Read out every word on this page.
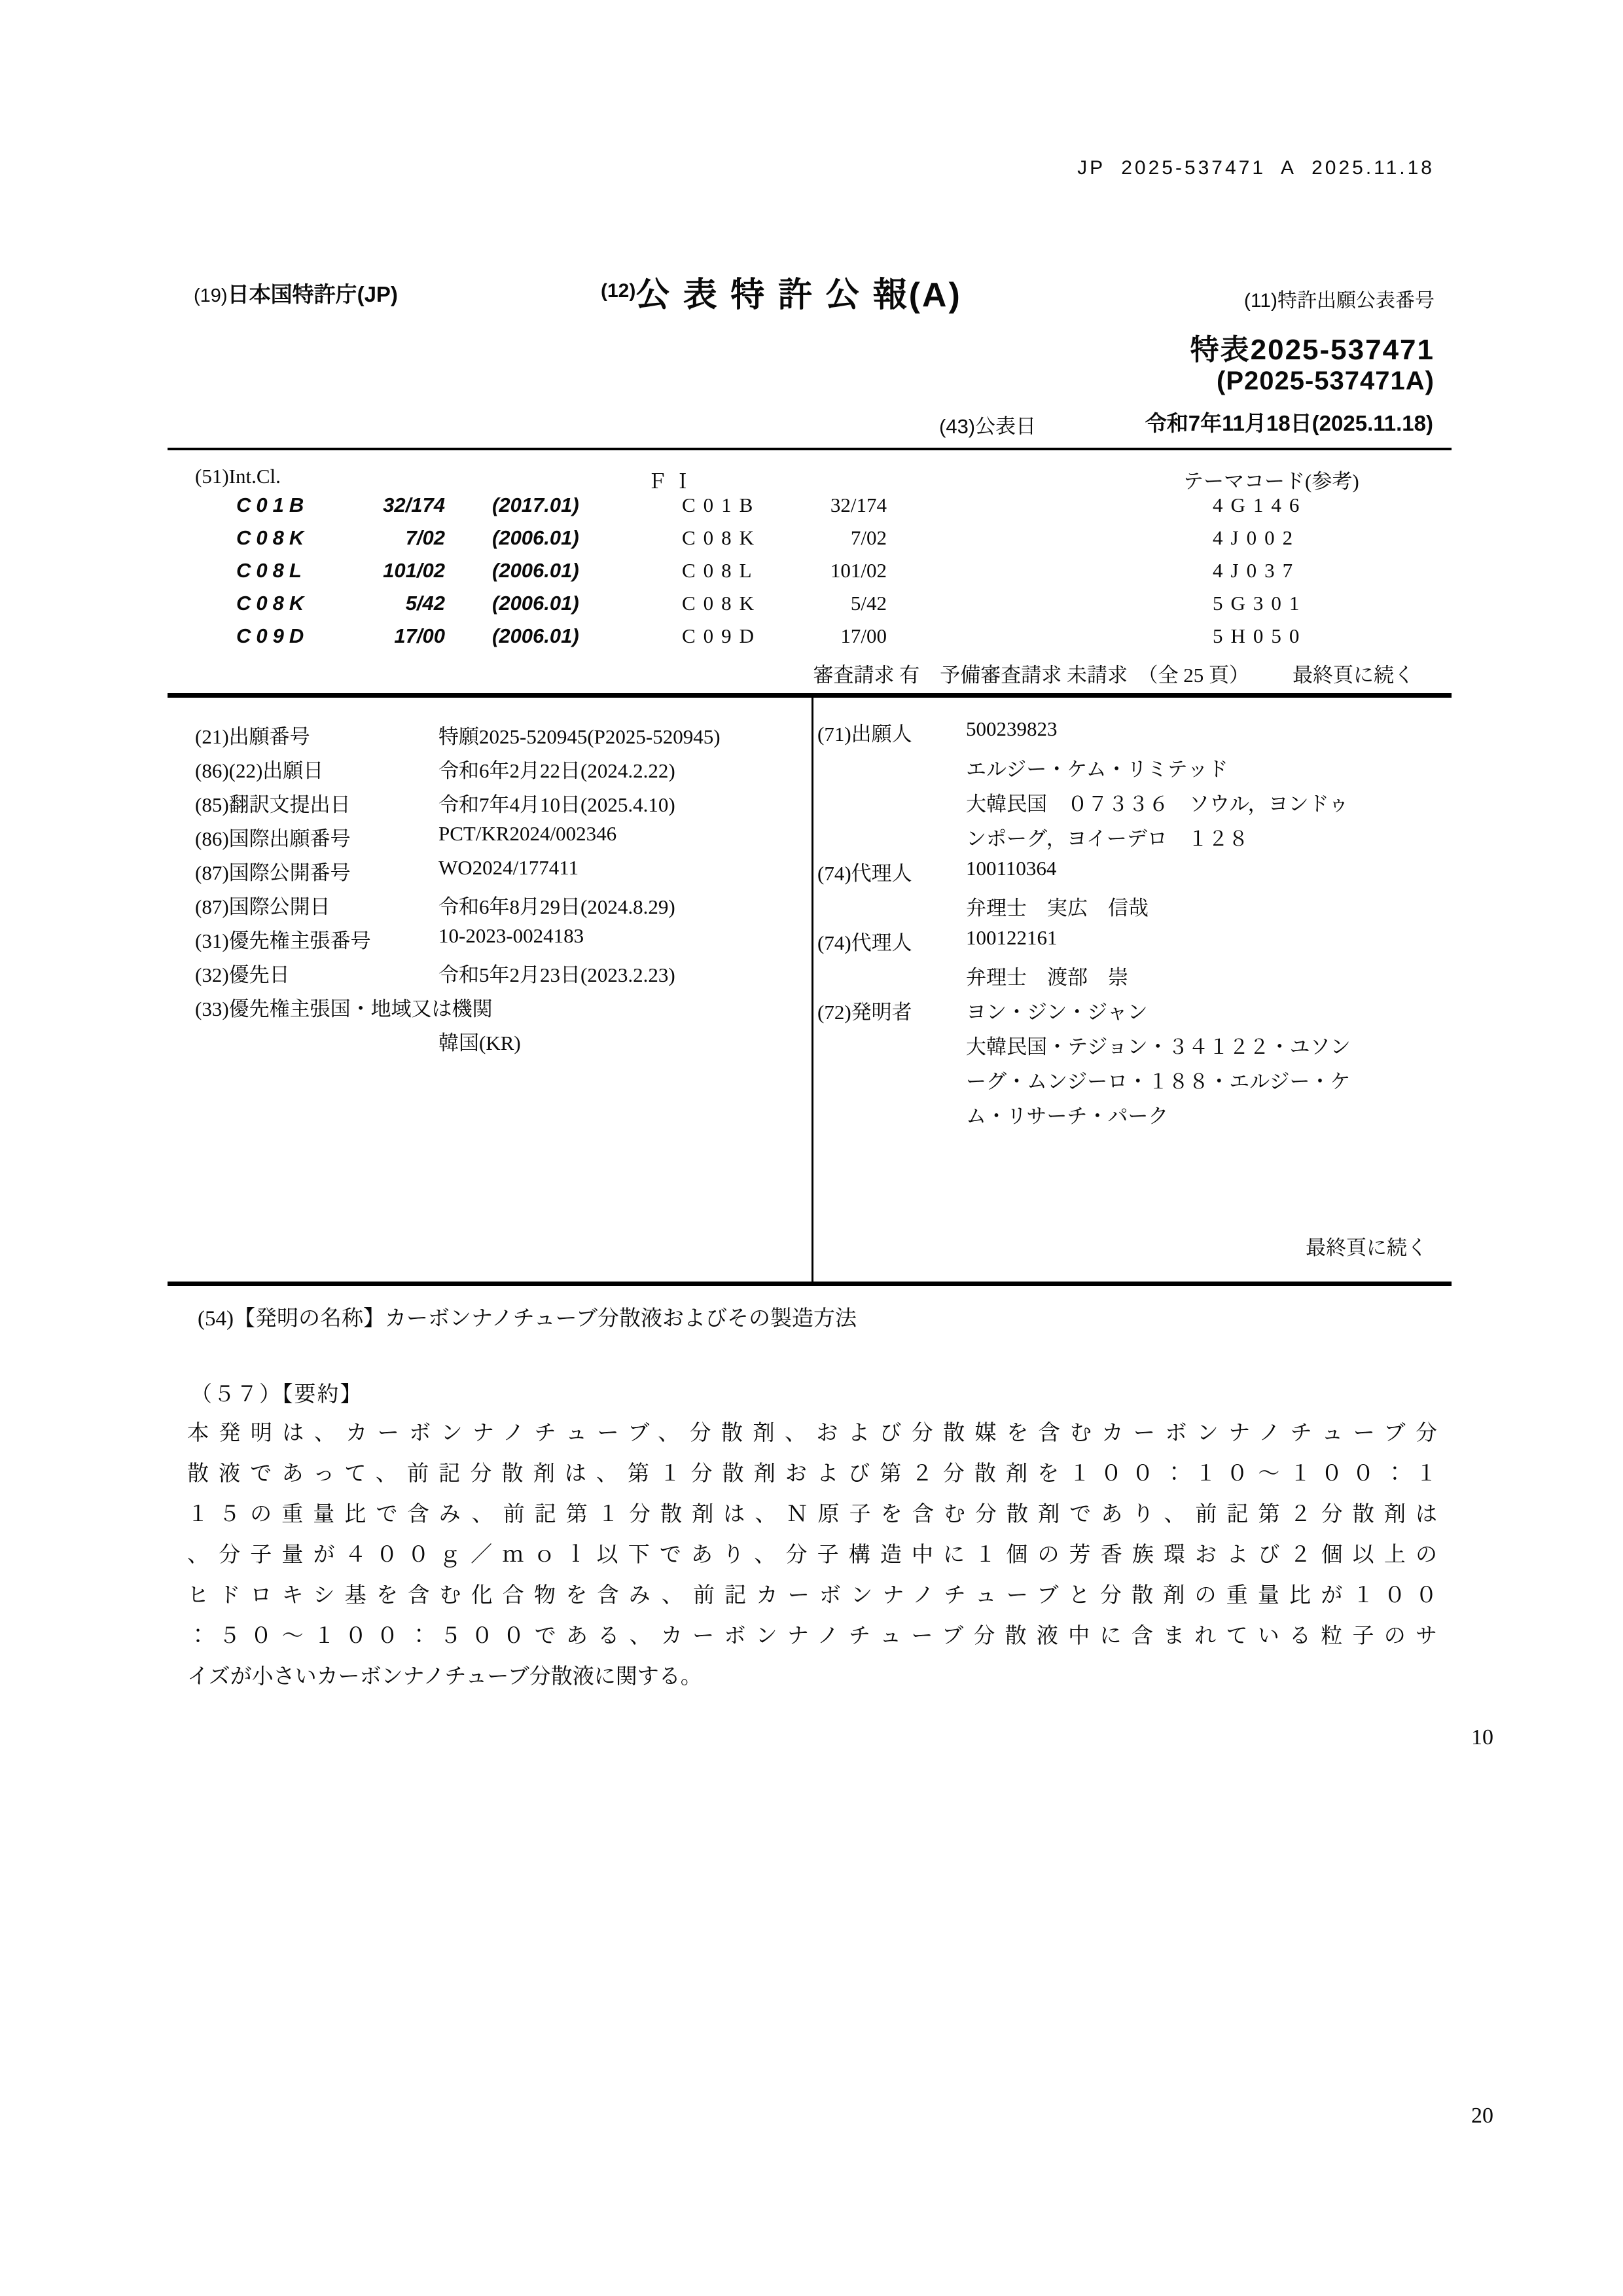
JP  2025-537471  A  2025.11.18
(19)日本国特許庁(JP)	$^{(12)}$公 表 特 許 公 報(A)	(11)特許出願公表番号
特表2025-537471
(P2025-537471A)
(43)公表日	令和7年11月18日(2025.11.18)
(51)Int.Cl.	Ｆ Ｉ	テーマコード(参考)
C01B	32/174 (2017.01)	C01B	32/174	4G146
C08K	7/02 (2006.01)	C08K	7/02	4J002
C08L	101/02 (2006.01)	C08L	101/02	4J037
C08K	5/42 (2006.01)	C08K	5/42	5G301
C09D	17/00 (2006.01)	C09D	17/00	5H050
審査請求 有　予備審査請求 未請求　（全 25 頁） 最終頁に続く
(21)出願番号	特願2025-520945(P2025-520945)
(86)(22)出願日	令和6年2月22日(2024.2.22)
(85)翻訳文提出日	令和7年4月10日(2025.4.10)
(86)国際出願番号	PCT/KR2024/002346
(87)国際公開番号	WO2024/177411
(87)国際公開日	令和6年8月29日(2024.8.29)
(31)優先権主張番号	10-2023-0024183
(32)優先日	令和5年2月23日(2023.2.23)
(33)優先権主張国・地域又は機関
韓国(KR)
(71)出願人	500239823
エルジー・ケム・リミテッド
大韓民国　０７３３６　ソウル，ヨンドゥ
ンポーグ，ヨイーデロ　１２８
(74)代理人	100110364
弁理士　実広　信哉
(74)代理人	100122161
弁理士　渡部　崇
(72)発明者	ヨン・ジン・ジャン
大韓民国・テジョン・３４１２２・ユソン
ーグ・ムンジーロ・１８８・エルジー・ケ
ム・リサーチ・パーク
最終頁に続く
(54)【発明の名称】カーボンナノチューブ分散液およびその製造方法
（５７）【要約】
本発明は、カーボンナノチューブ、分散剤、および分散媒を含むカーボンナノチューブ分
散液であって、前記分散剤は、第１分散剤および第２分散剤を１００：１０～１００：１
１５の重量比で含み、前記第１分散剤は、Ｎ原子を含む分散剤であり、前記第２分散剤は
、分子量が４００ｇ／ｍｏｌ以下であり、分子構造中に１個の芳香族環および２個以上の
ヒドロキシ基を含む化合物を含み、前記カーボンナノチューブと分散剤の重量比が１００
：５０～１００：５００である、カーボンナノチューブ分散液中に含まれている粒子のサ
イズが小さいカーボンナノチューブ分散液に関する。
10
20
